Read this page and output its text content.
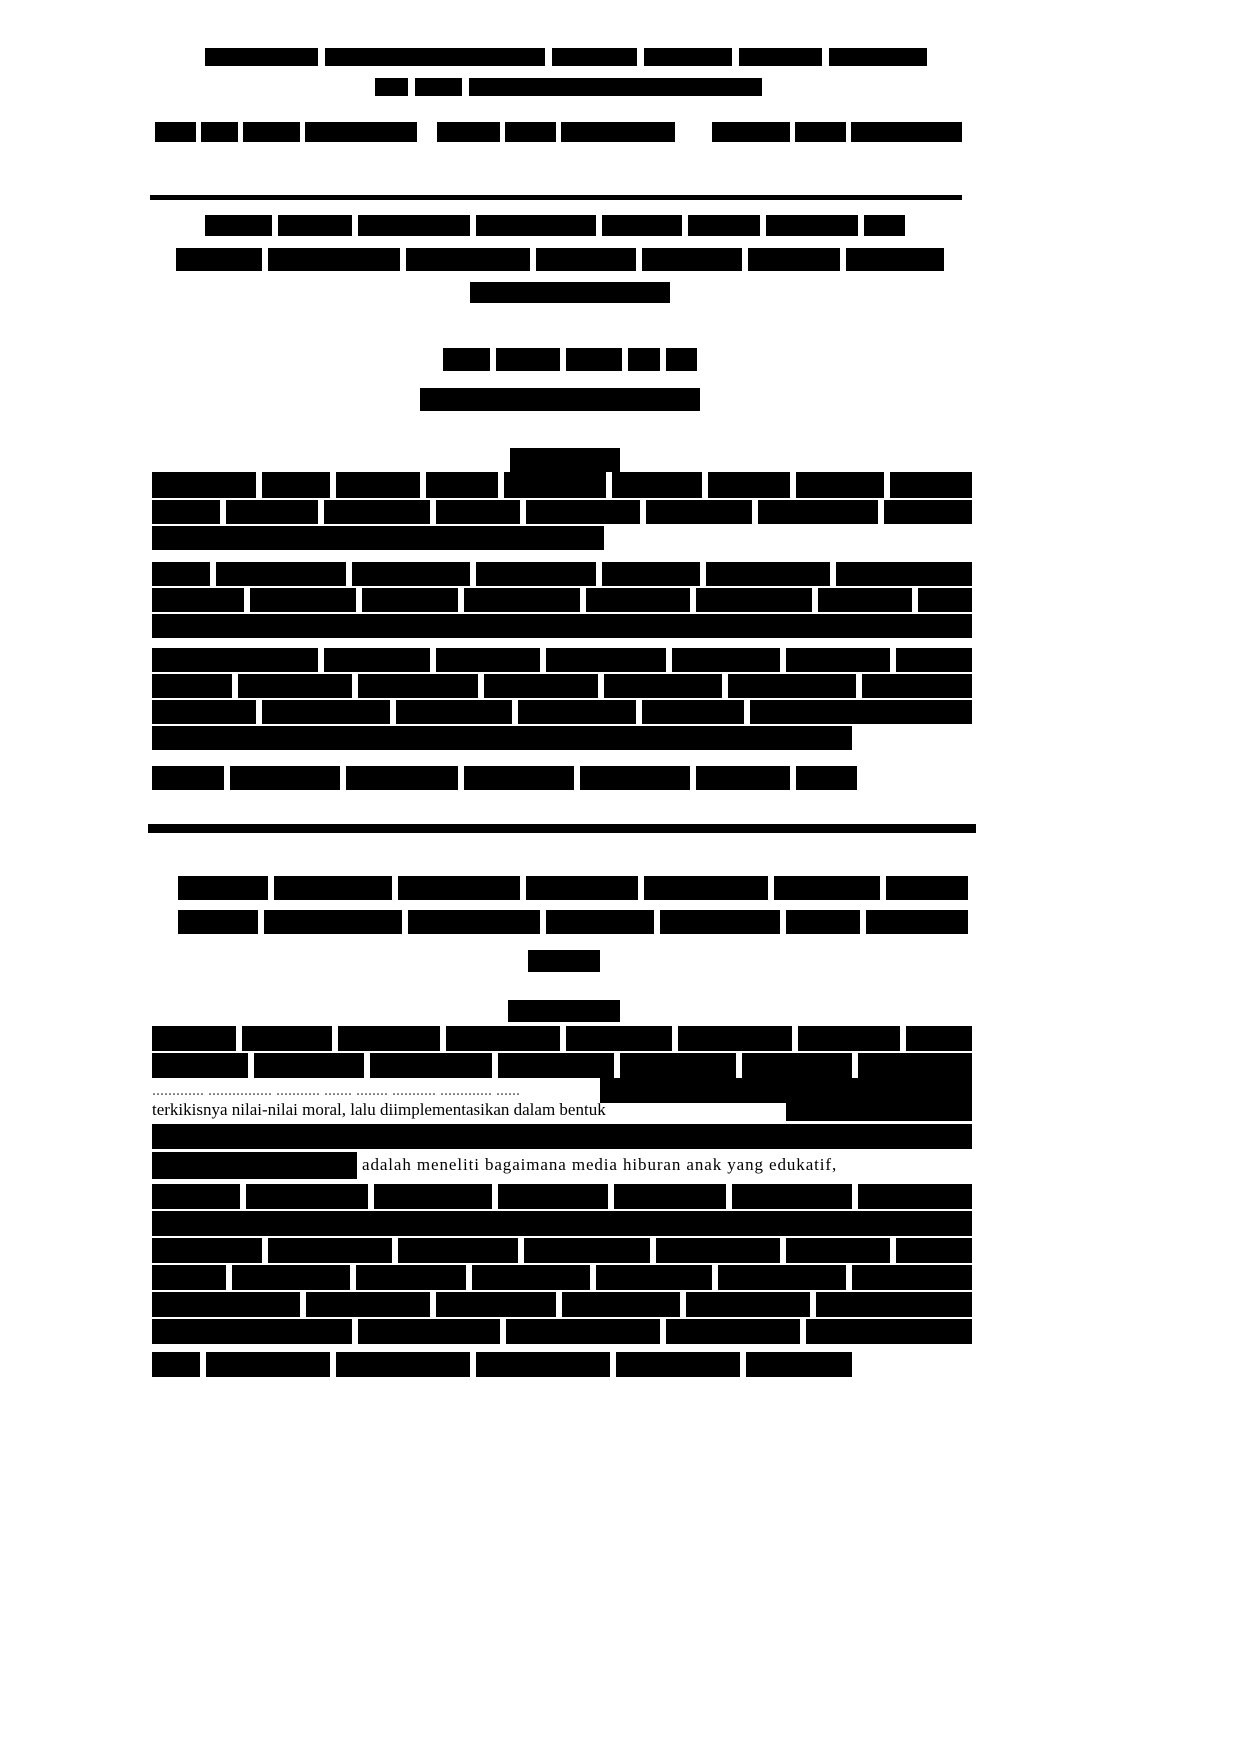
............. ................ ........... ....... ........ ........... ............. ......
terkikisnya nilai-nilai moral, lalu diimplementasikan dalam bentuk
adalah meneliti bagaimana media hiburan anak yang edukatif,
